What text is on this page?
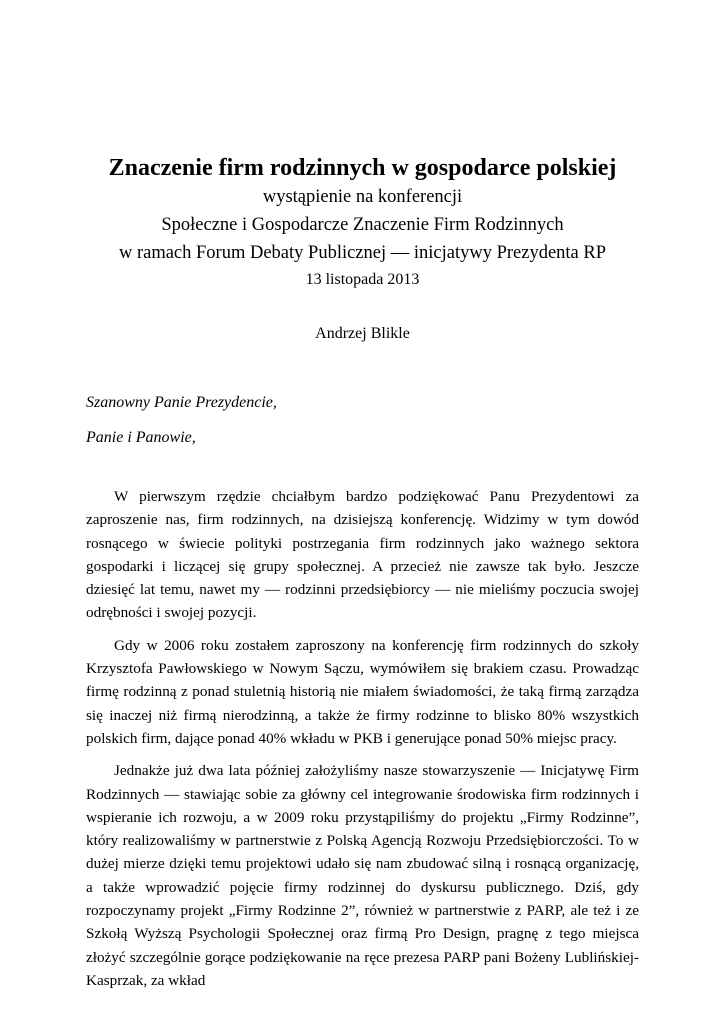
Znaczenie firm rodzinnych w gospodarce polskiej
wystąpienie na konferencji
Społeczne i Gospodarcze Znaczenie Firm Rodzinnych
w ramach Forum Debaty Publicznej — inicjatywy Prezydenta RP
13 listopada 2013
Andrzej Blikle
Szanowny Panie Prezydencie,
Panie i Panowie,

W pierwszym rzędzie chciałbym bardzo podziękować Panu Prezydentowi za zaproszenie nas, firm rodzinnych, na dzisiejszą konferencję. Widzimy w tym dowód rosnącego w świecie polityki postrzegania firm rodzinnych jako ważnego sektora gospodarki i liczącej się grupy społecznej. A przecież nie zawsze tak było. Jeszcze dziesięć lat temu, nawet my — rodzinni przedsiębiorcy — nie mieliśmy poczucia swojej odrębności i swojej pozycji.

Gdy w 2006 roku zostałem zaproszony na konferencję firm rodzinnych do szkoły Krzysztofa Pawłowskiego w Nowym Sączu, wymówiłem się brakiem czasu. Prowadząc firmę rodzinną z ponad stuletnią historią nie miałem świadomości, że taką firmą zarządza się inaczej niż firmą nierodzinną, a także że firmy rodzinne to blisko 80% wszystkich polskich firm, dające ponad 40% wkładu w PKB i generujące ponad 50% miejsc pracy.

Jednakże już dwa lata później założyliśmy nasze stowarzyszenie — Inicjatywę Firm Rodzinnych — stawiając sobie za główny cel integrowanie środowiska firm rodzinnych i wspieranie ich rozwoju, a w 2009 roku przystąpiliśmy do projektu „Firmy Rodzinne”, który realizowaliśmy w partnerstwie z Polską Agencją Rozwoju Przedsiębiorczości. To w dużej mierze dzięki temu projektowi udało się nam zbudować silną i rosnącą organizację, a także wprowadzić pojęcie firmy rodzinnej do dyskursu publicznego. Dziś, gdy rozpoczynamy projekt „Firmy Rodzinne 2”, również w partnerstwie z PARP, ale też i ze Szkołą Wyższą Psychologii Społecznej oraz firmą Pro Design, pragnę z tego miejsca złożyć szczególnie gorące podziękowanie na ręce prezesa PARP pani Bożeny Lublińskiej-Kasprzak, za wkład
